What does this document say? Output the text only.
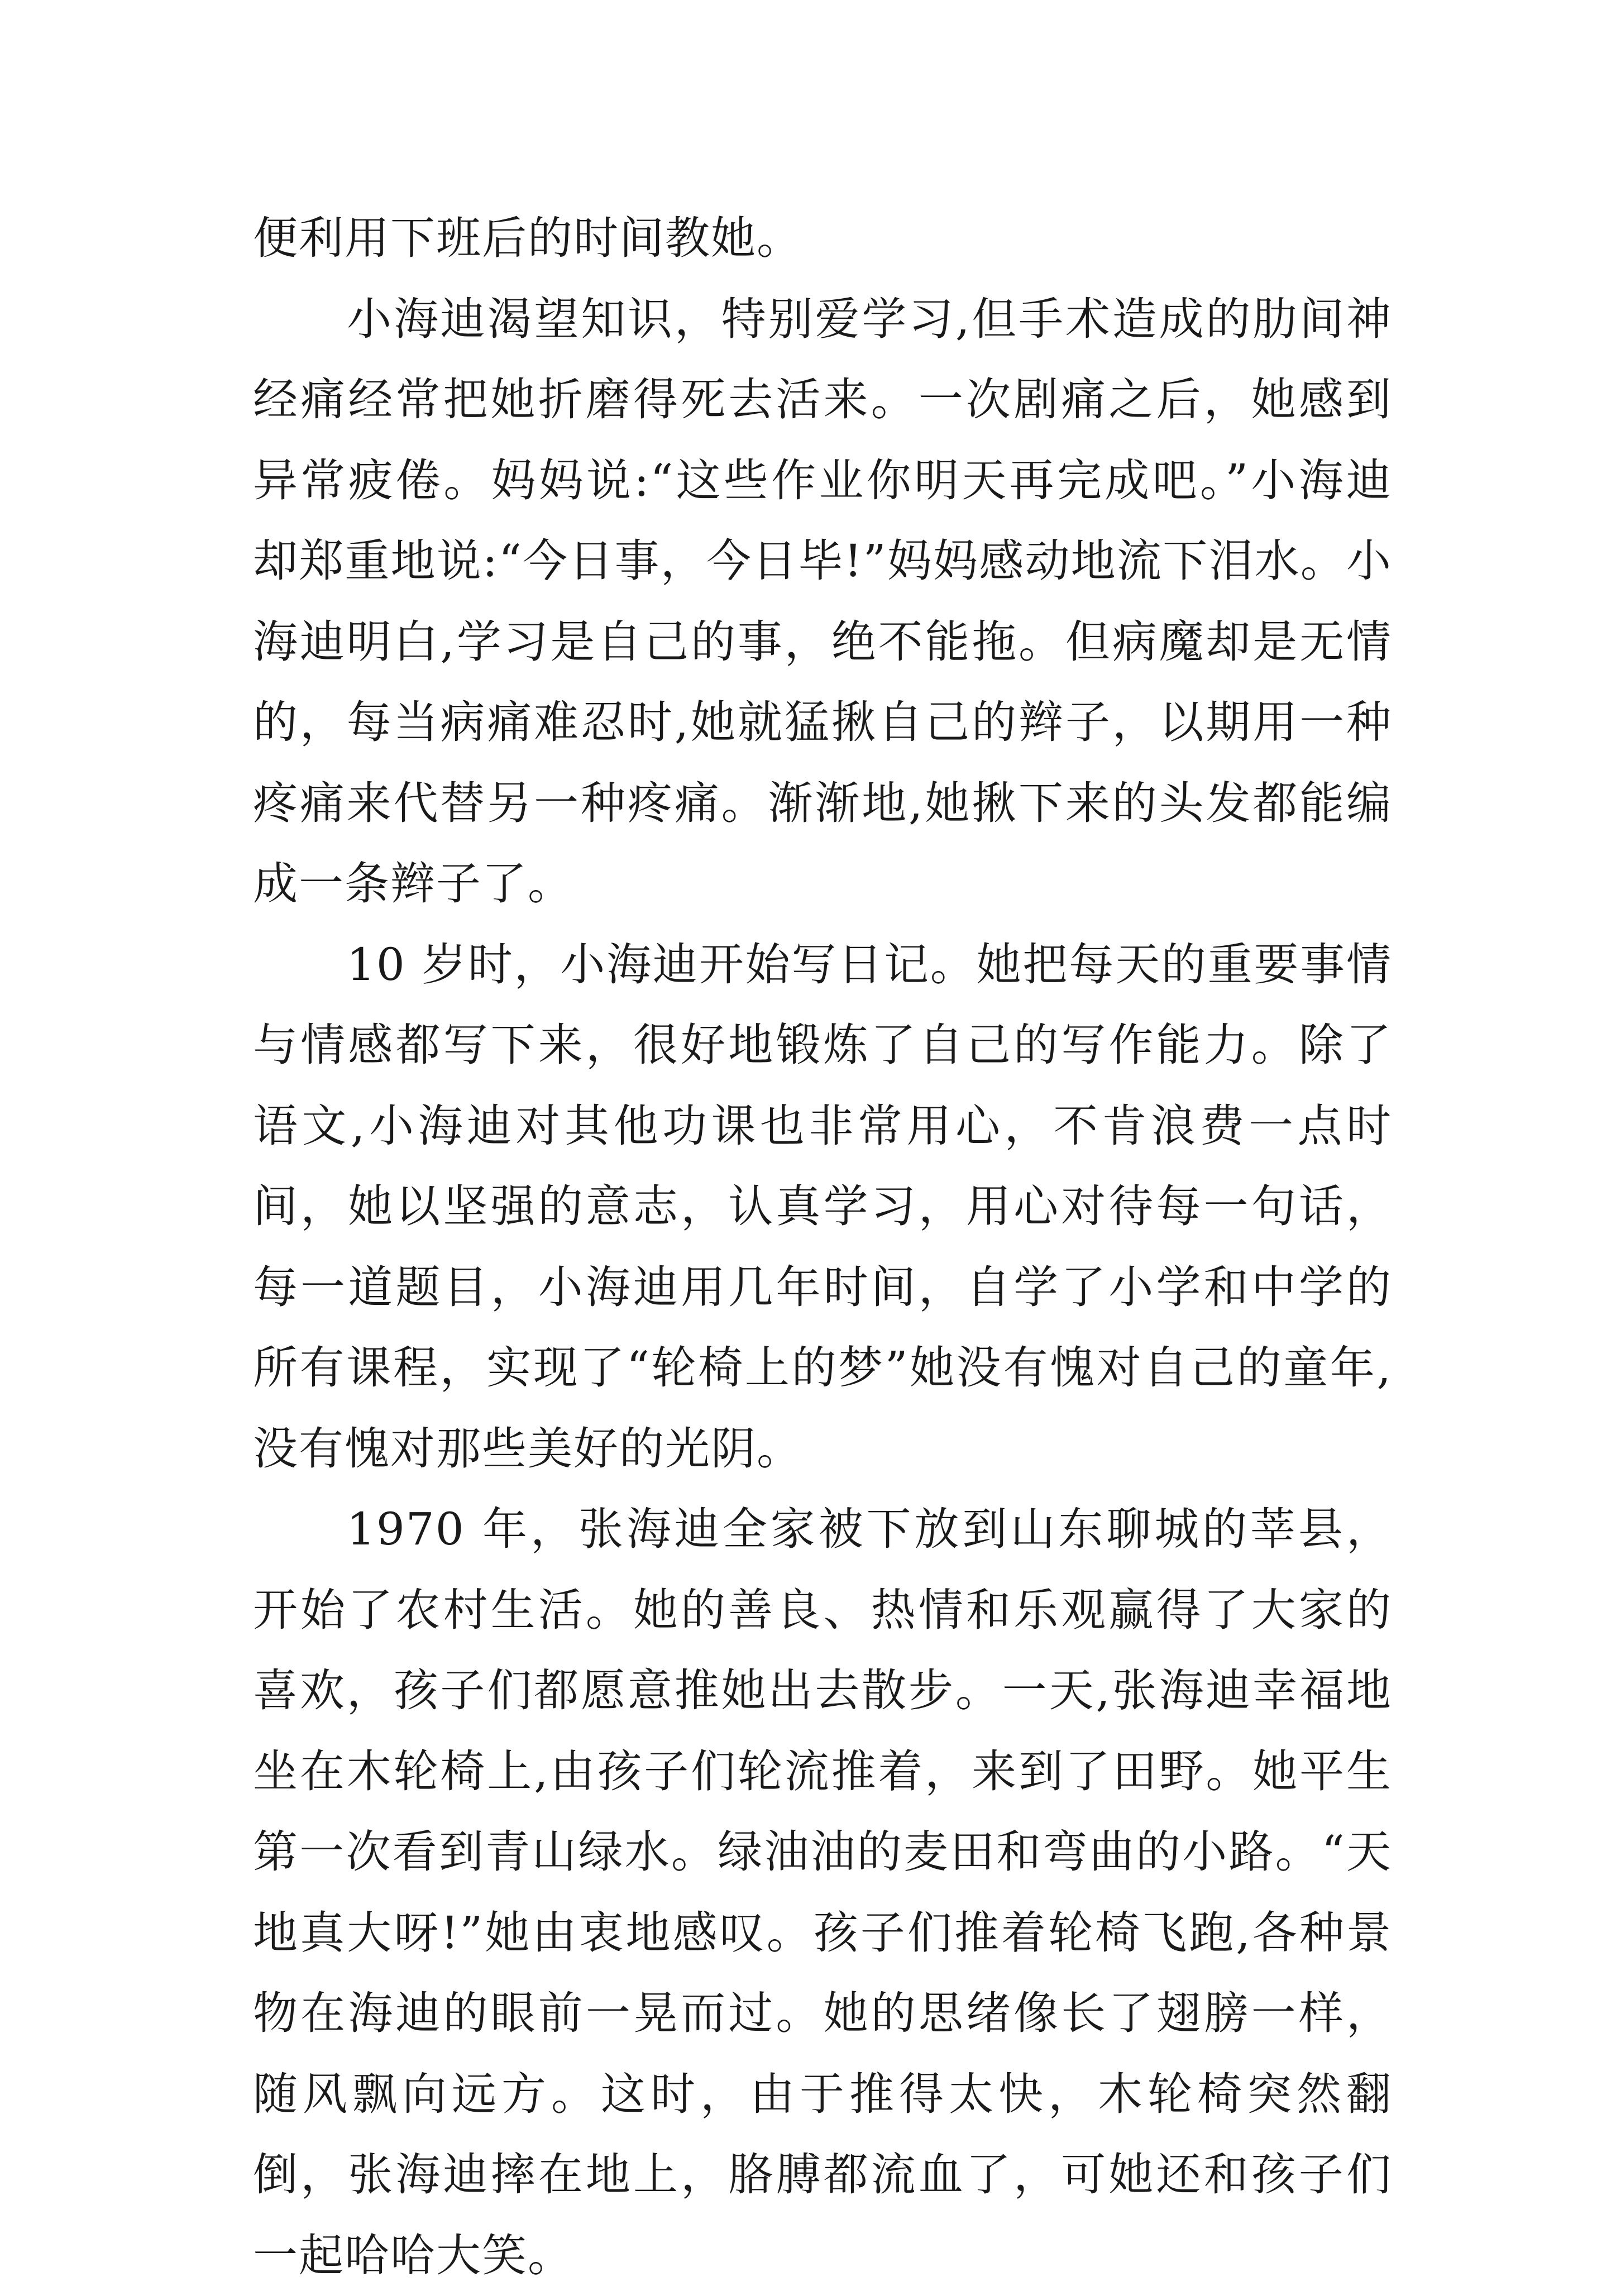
便利用下班后的时间教她。

小海迪渴望知识，特别爱学习,但手术造成的肋间神经痛经常把她折磨得死去活来。一次剧痛之后，她感到异常疲倦。妈妈说:“这些作业你明天再完成吧。”小海迪却郑重地说:“今日事，今日毕!”妈妈感动地流下泪水。小海迪明白,学习是自己的事，绝不能拖。但病魔却是无情的，每当病痛难忍时,她就猛揪自己的辫子，以期用一种疼痛来代替另一种疼痛。渐渐地,她揪下来的头发都能编成一条辫子了。

10 岁时，小海迪开始写日记。她把每天的重要事情与情感都写下来，很好地锻炼了自己的写作能力。除了语文,小海迪对其他功课也非常用心，不肯浪费一点时间，她以坚强的意志，认真学习，用心对待每一句话，每一道题目，小海迪用几年时间，自学了小学和中学的所有课程，实现了“轮椅上的梦”她没有愧对自己的童年,没有愧对那些美好的光阴。

1970 年，张海迪全家被下放到山东聊城的莘县，开始了农村生活。她的善良、热情和乐观赢得了大家的喜欢，孩子们都愿意推她出去散步。一天,张海迪幸福地坐在木轮椅上,由孩子们轮流推着，来到了田野。她平生第一次看到青山绿水。绿油油的麦田和弯曲的小路。“天地真大呀!”她由衷地感叹。孩子们推着轮椅飞跑,各种景物在海迪的眼前一晃而过。她的思绪像长了翅膀一样，随风飘向远方。这时，由于推得太快，木轮椅突然翻倒，张海迪摔在地上，胳膊都流血了，可她还和孩子们一起哈哈大笑。
